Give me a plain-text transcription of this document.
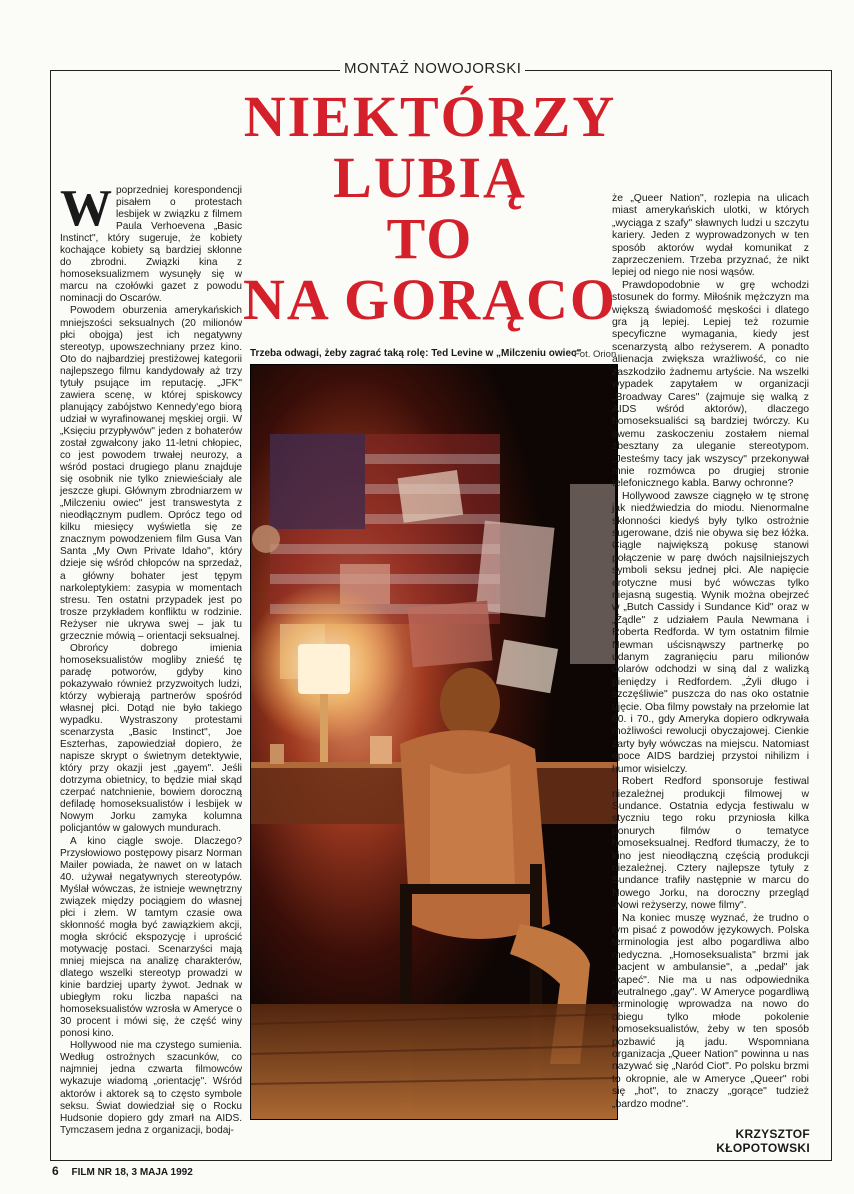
MONTAŻ NOWOJORSKI
NIEKTÓRZY
LUBIĄ
TO
NA GORĄCO

Wpoprzedniej korespondencji pisałem o protestach lesbijek w związku z filmem Paula Verhoevena „Basic Instinct", który sugeruje, że kobiety kochające kobiety są bardziej skłonne do zbrodni. Związki kina z homoseksualizmem wysunęły się w marcu na czołówki gazet z powodu nominacji do Oscarów.

Powodem oburzenia amerykańskich mniejszości seksualnych (20 milionów płci obojga) jest ich negatywny stereotyp, upowszechniany przez kino. Oto do najbardziej prestiżowej kategorii najlepszego filmu kandydowały aż trzy tytuły psujące im reputację. „JFK" zawiera scenę, w której spiskowcy planujący zabójstwo Kennedy'ego biorą udział w wyrafinowanej męskiej orgii. W „Księciu przypływów" jeden z bohaterów został zgwałcony jako 11-letni chłopiec, co jest powodem trwałej neurozy, a wśród postaci drugiego planu znajduje się osobnik nie tylko zniewieściały ale jeszcze głupi. Głównym zbrodniarzem w „Milczeniu owiec" jest transwestyta z nieodłącznym pudlem. Oprócz tego od kilku miesięcy wyświetla się ze znacznym powodzeniem film Gusa Van Santa „My Own Private Idaho", który dzieje się wśród chłopców na sprzedaż, a główny bohater jest tępym narkoleptykiem: zasypia w momentach stresu. Ten ostatni przypadek jest po trosze przykładem konfliktu w rodzinie. Reżyser nie ukrywa swej – jak tu grzecznie mówią – orientacji seksualnej.

Obrońcy dobrego imienia homoseksualistów mogliby znieść tę paradę potworów, gdyby kino pokazywało również przyzwoitych ludzi, którzy wybierają partnerów spośród własnej płci. Dotąd nie było takiego wypadku. Wystraszony protestami scenarzysta „Basic Instinct", Joe Eszterhas, zapowiedział dopiero, że napisze skrypt o świetnym detektywie, który przy okazji jest „gayem". Jeśli dotrzyma obietnicy, to będzie miał skąd czerpać natchnienie, bowiem doroczną defiladę homoseksualistów i lesbijek w Nowym Jorku zamyka kolumna policjantów w galowych mundurach.

A kino ciągle swoje. Dlaczego? Przysłowiowo postępowy pisarz Norman Mailer powiada, że nawet on w latach 40. używał negatywnych stereotypów. Myślał wówczas, że istnieje wewnętrzny związek między pociągiem do własnej płci i złem. W tamtym czasie owa skłonność mogła być zawiązkiem akcji, mogła skrócić ekspozycję i uprościć motywację postaci. Scenarzyści mają mniej miejsca na analizę charakterów, dlatego wszelki stereotyp prowadzi w kinie bardziej uparty żywot. Jednak w ubiegłym roku liczba napaści na homoseksualistów wzrosła w Ameryce o 30 procent i mówi się, że część winy ponosi kino.

Hollywood nie ma czystego sumienia. Według ostrożnych szacunków, co najmniej jedna czwarta filmowców wykazuje wiadomą „orientację". Wśród aktorów i aktorek są to często symbole seksu. Świat dowiedział się o Rocku Hudsonie dopiero gdy zmarł na AIDS. Tymczasem jedna z organizacji, bodaj-

Trzeba odwagi, żeby zagrać taką rolę: Ted Levine w „Milczeniu owiec"
Fot. Orion

że „Queer Nation", rozlepia na ulicach miast amerykańskich ulotki, w których „wyciąga z szafy" sławnych ludzi u szczytu kariery. Jeden z wyprowadzonych w ten sposób aktorów wydał komunikat z zaprzeczeniem. Trzeba przyznać, że nikt lepiej od niego nie nosi wąsów.

Prawdopodobnie w grę wchodzi stosunek do formy. Miłośnik mężczyzn ma większą świadomość męskości i dlatego gra ją lepiej. Lepiej też rozumie specyficzne wymagania, kiedy jest scenarzystą albo reżyserem. A ponadto alienacja zwiększa wrażliwość, co nie zaszkodziło żadnemu artyście. Na wszelki wypadek zapytałem w organizacji „Broadway Cares" (zajmuje się walką z AIDS wśród aktorów), dlaczego homoseksualiści są bardziej twórczy. Ku swemu zaskoczeniu zostałem niemal zbesztany za uleganie stereotypom. „Jesteśmy tacy jak wszyscy" przekonywał mnie rozmówca po drugiej stronie telefonicznego kabla. Barwy ochronne?

Hollywood zawsze ciągnęło w tę stronę jak niedźwiedzia do miodu. Nienormalne skłonności kiedyś były tylko ostrożnie sugerowane, dziś nie obywa się bez łóżka. Ciągle największą pokusę stanowi połączenie w parę dwóch najsilniejszych symboli seksu jednej płci. Ale napięcie erotyczne musi być wówczas tylko niejasną sugestią. Wynik można obejrzeć w „Butch Cassidy i Sundance Kid" oraz w „Żądle" z udziałem Paula Newmana i Roberta Redforda. W tym ostatnim filmie Newman uścisnąwszy partnerkę po udanym zagranięciu paru milionów dolarów odchodzi w siną dal z walizką pieniędzy i Redfordem. „Żyli długo i szczęśliwie" puszcza do nas oko ostatnie ujęcie. Oba filmy powstały na przełomie lat 60. i 70., gdy Ameryka dopiero odkrywała możliwości rewolucji obyczajowej. Cienkie żarty były wówczas na miejscu. Natomiast epoce AIDS bardziej przystoi nihilizm i humor wisielczy.

Robert Redford sponsoruje festiwal niezależnej produkcji filmowej w Sundance. Ostatnia edycja festiwalu w styczniu tego roku przyniosła kilka ponurych filmów o tematyce homoseksualnej. Redford tłumaczy, że to kino jest nieodłączną częścią produkcji niezależnej. Cztery najlepsze tytuły z Sundance trafiły następnie w marcu do Nowego Jorku, na doroczny przegląd „Nowi reżyserzy, nowe filmy".

Na koniec muszę wyznać, że trudno o tym pisać z powodów językowych. Polska terminologia jest albo pogardliwa albo medyczna. „Homoseksualista" brzmi jak „pacjent w ambulansie", a „pedał" jak „kapeć". Nie ma u nas odpowiednika neutralnego „gay". W Ameryce pogardliwą terminologię wprowadza na nowo do obiegu tylko młode pokolenie homoseksualistów, żeby w ten sposób pozbawić ją jadu. Wspomniana organizacja „Queer Nation" powinna u nas nazywać się „Naród Ciot". Po polsku brzmi to okropnie, ale w Ameryce „Queer" robi się „hot", to znaczy „gorące" tudzież „bardzo modne".

KRZYSZTOF
KŁOPOTOWSKI
6 FILM NR 18, 3 MAJA 1992
